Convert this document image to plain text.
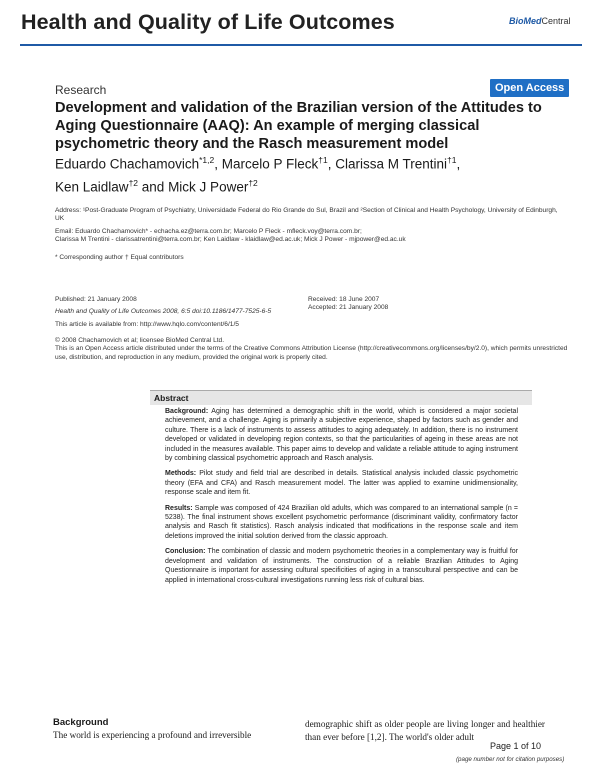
Health and Quality of Life Outcomes	BioMedCentral
Research	Open Access
Development and validation of the Brazilian version of the Attitudes to Aging Questionnaire (AAQ): An example of merging classical psychometric theory and the Rasch measurement model
Eduardo Chachamovich$^{*1,2}$, Marcelo P Fleck$^{\dagger 1}$, Clarissa M Trentini$^{\dagger 1}$,
Ken Laidlaw$^{\dagger 2}$ and Mick J Power$^{\dagger 2}$
Address: ¹Post-Graduate Program of Psychiatry, Universidade Federal do Rio Grande do Sul, Brazil and ²Section of Clinical and Health Psychology, University of Edinburgh, UK
Email: Eduardo Chachamovich* - echacha.ez@terra.com.br; Marcelo P Fleck - mfleck.voy@terra.com.br;
Clarissa M Trentini - clarissatrentini@terra.com.br; Ken Laidlaw - klaidlaw@ed.ac.uk; Mick J Power - mjpower@ed.ac.uk
* Corresponding author † Equal contributors
Published: 21 January 2008
Health and Quality of Life Outcomes 2008, 6:5 doi:10.1186/1477-7525-6-5
This article is available from: http://www.hqlo.com/content/6/1/5
Received: 18 June 2007
Accepted: 21 January 2008
© 2008 Chachamovich et al; licensee BioMed Central Ltd.
This is an Open Access article distributed under the terms of the Creative Commons Attribution License (http://creativecommons.org/licenses/by/2.0), which permits unrestricted use, distribution, and reproduction in any medium, provided the original work is properly cited.
Abstract
Background: Aging has determined a demographic shift in the world, which is considered a major societal achievement, and a challenge. Aging is primarily a subjective experience, shaped by factors such as gender and culture. There is a lack of instruments to assess attitudes to aging adequately. In addition, there is no instrument developed or validated in developing region contexts, so that the particularities of ageing in these areas are not included in the measures available. This paper aims to develop and validate a reliable attitude to aging instrument by combining classical psychometric approach and Rasch analysis.
Methods: Pilot study and field trial are described in details. Statistical analysis included classic psychometric theory (EFA and CFA) and Rasch measurement model. The latter was applied to examine unidimensionality, response scale and item fit.
Results: Sample was composed of 424 Brazilian old adults, which was compared to an international sample (n = 5238). The final instrument shows excellent psychometric performance (discriminant validity, confirmatory factor analysis and Rasch fit statistics). Rasch analysis indicated that modifications in the response scale and item deletions improved the initial solution derived from the classic approach.
Conclusion: The combination of classic and modern psychometric theories in a complementary way is fruitful for development and validation of instruments. The construction of a reliable Brazilian Attitudes to Aging Questionnaire is important for assessing cultural specificities of aging in a transcultural perspective and can be applied in international cross-cultural investigations running less risk of cultural bias.
Background
The world is experiencing a profound and irreversible
demographic shift as older people are living longer and healthier than ever before [1,2]. The world's older adult
Page 1 of 10
(page number not for citation purposes)
